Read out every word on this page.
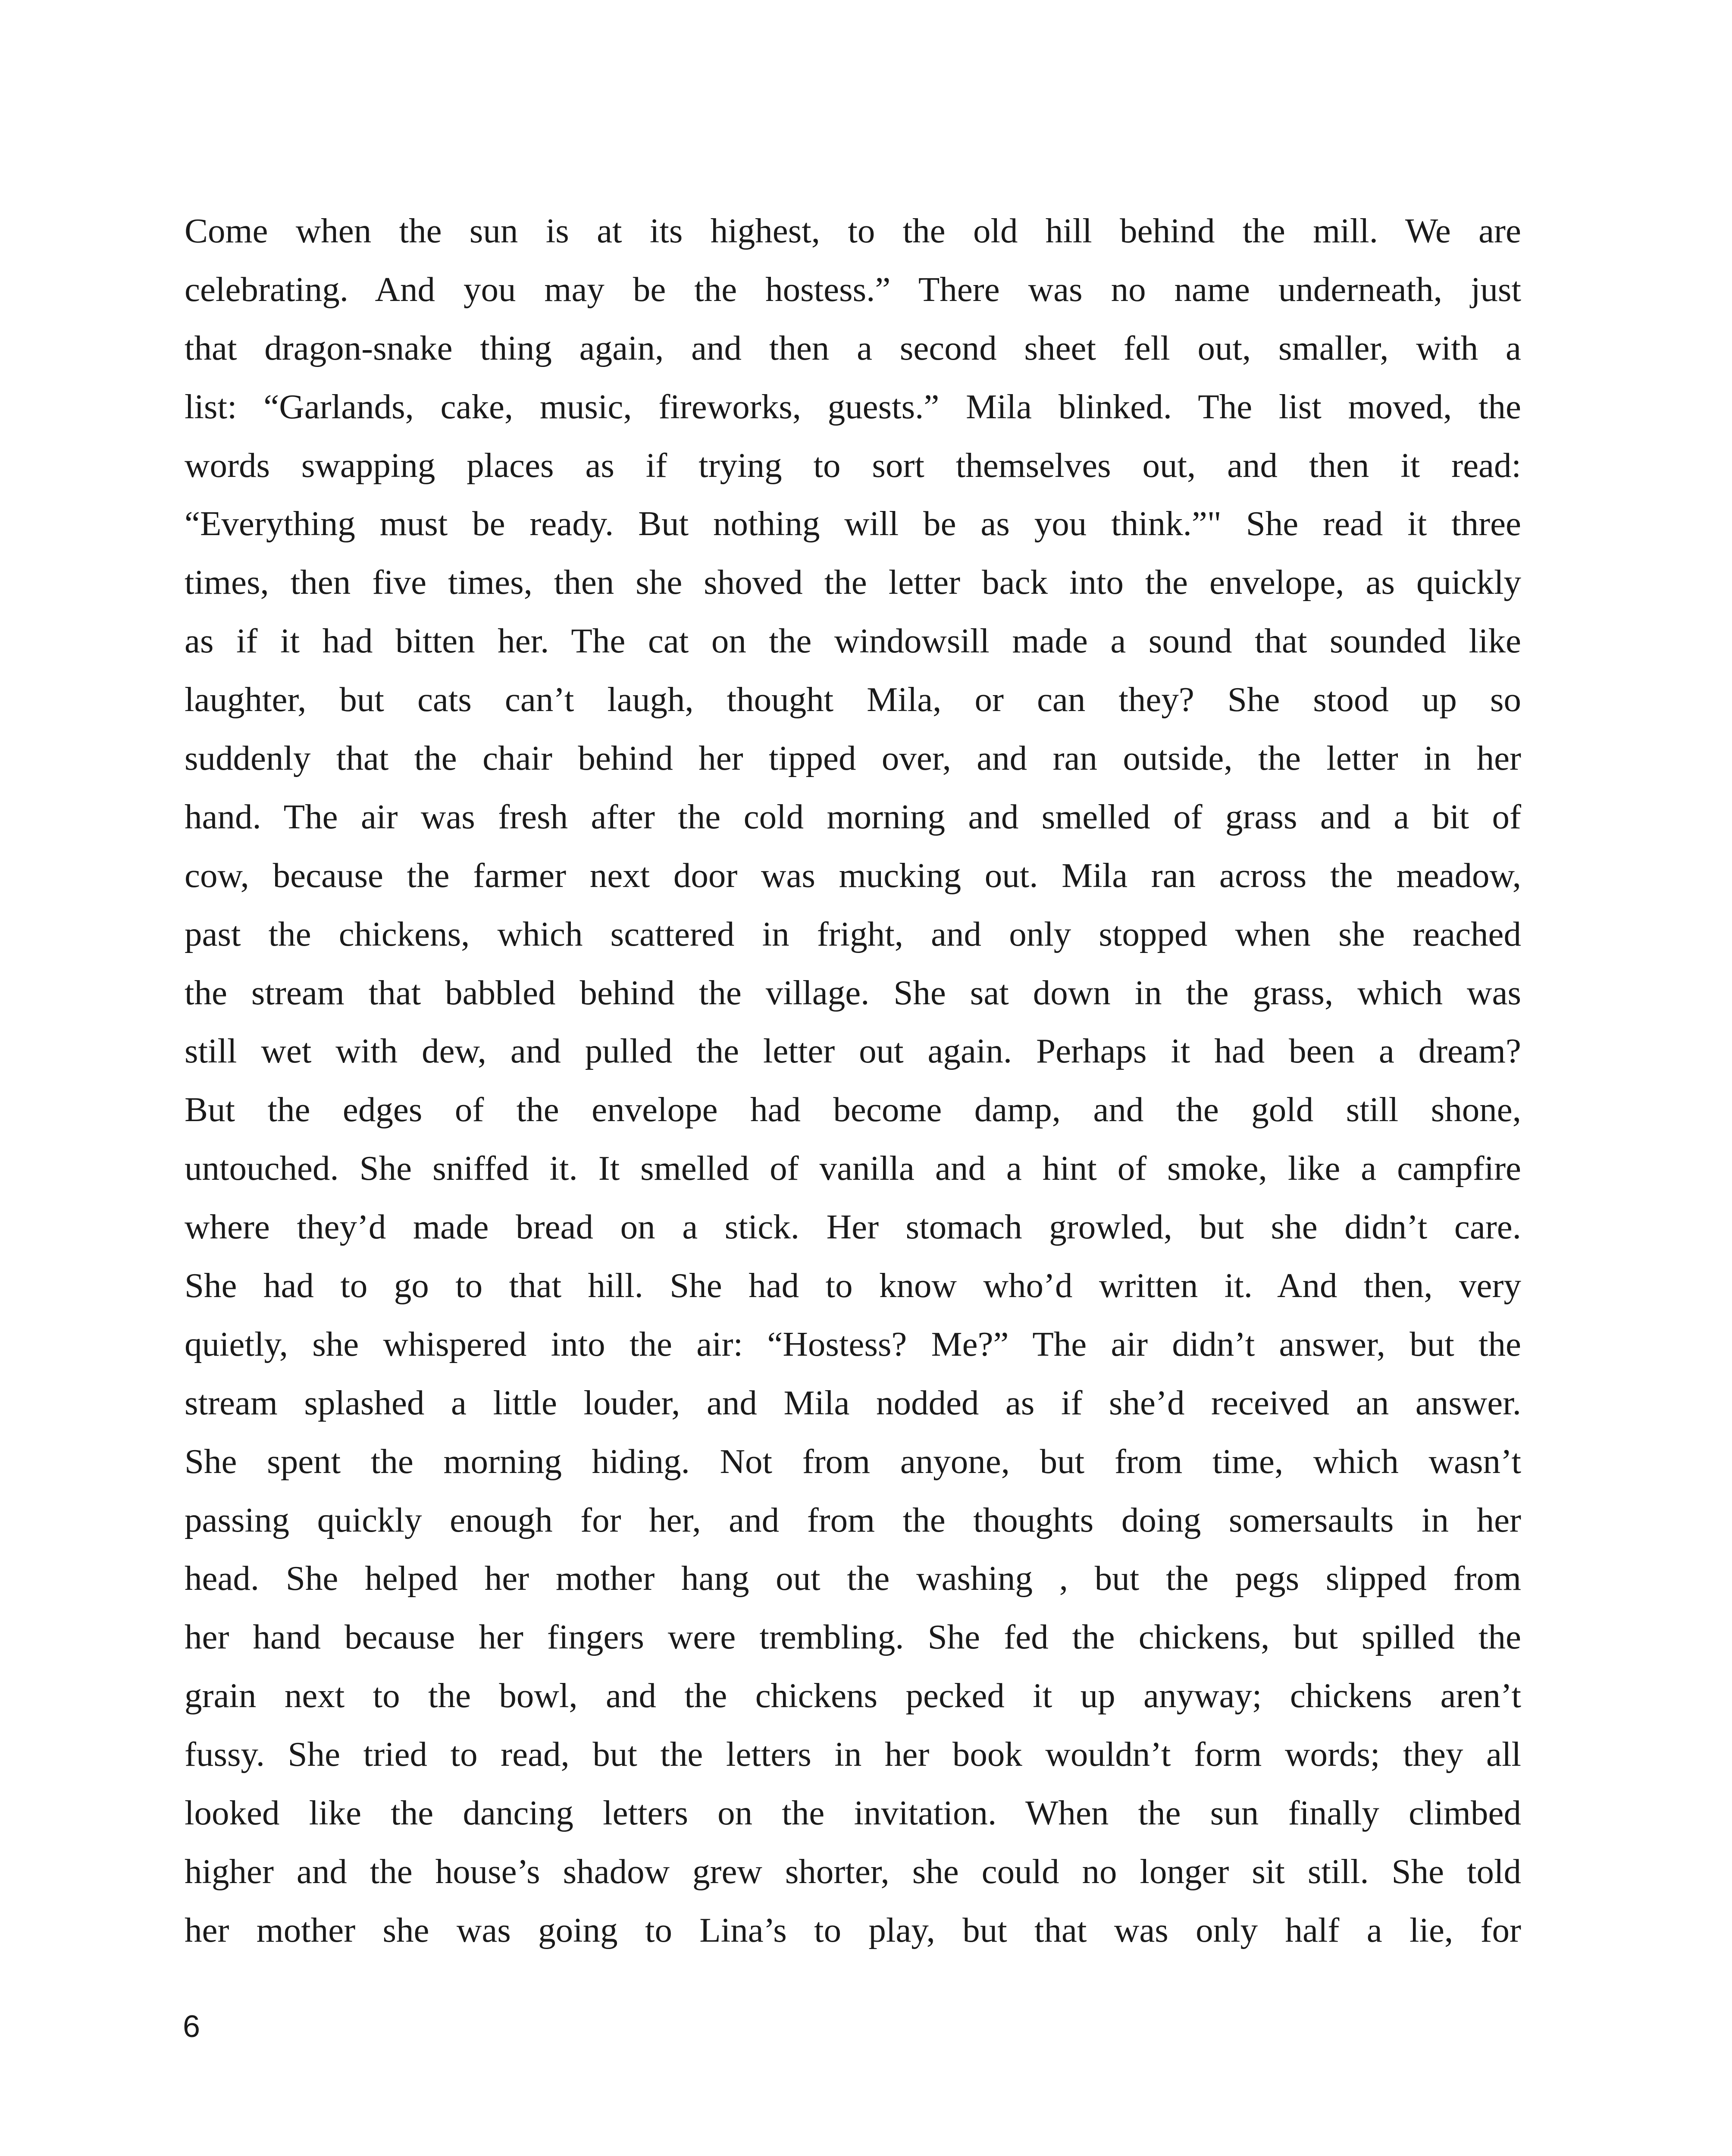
Come when the sun is at its highest, to the old hill behind the mill. We are
celebrating. And you may be the hostess.” There was no name underneath, just
that dragon-snake thing again, and then a second sheet fell out, smaller, with a
list: “Garlands, cake, music, fireworks, guests.” Mila blinked. The list moved, the
words swapping places as if trying to sort themselves out, and then it read:
“Everything must be ready. But nothing will be as you think.”" She read it three
times, then five times, then she shoved the letter back into the envelope, as quickly
as if it had bitten her. The cat on the windowsill made a sound that sounded like
laughter, but cats can’t laugh, thought Mila, or can they? She stood up so
suddenly that the chair behind her tipped over, and ran outside, the letter in her
hand. The air was fresh after the cold morning and smelled of grass and a bit of
cow, because the farmer next door was mucking out. Mila ran across the meadow,
past the chickens, which scattered in fright, and only stopped when she reached
the stream that babbled behind the village. She sat down in the grass, which was
still wet with dew, and pulled the letter out again. Perhaps it had been a dream?
But the edges of the envelope had become damp, and the gold still shone,
untouched. She sniffed it. It smelled of vanilla and a hint of smoke, like a campfire
where they’d made bread on a stick. Her stomach growled, but she didn’t care.
She had to go to that hill. She had to know who’d written it. And then, very
quietly, she whispered into the air: “Hostess? Me?” The air didn’t answer, but the
stream splashed a little louder, and Mila nodded as if she’d received an answer.
She spent the morning hiding. Not from anyone, but from time, which wasn’t
passing quickly enough for her, and from the thoughts doing somersaults in her
head. She helped her mother hang out the washing , but the pegs slipped from
her hand because her fingers were trembling. She fed the chickens, but spilled the
grain next to the bowl, and the chickens pecked it up anyway; chickens aren’t
fussy. She tried to read, but the letters in her book wouldn’t form words; they all
looked like the dancing letters on the invitation. When the sun finally climbed
higher and the house’s shadow grew shorter, she could no longer sit still. She told
her mother she was going to Lina’s to play, but that was only half a lie, for
6
